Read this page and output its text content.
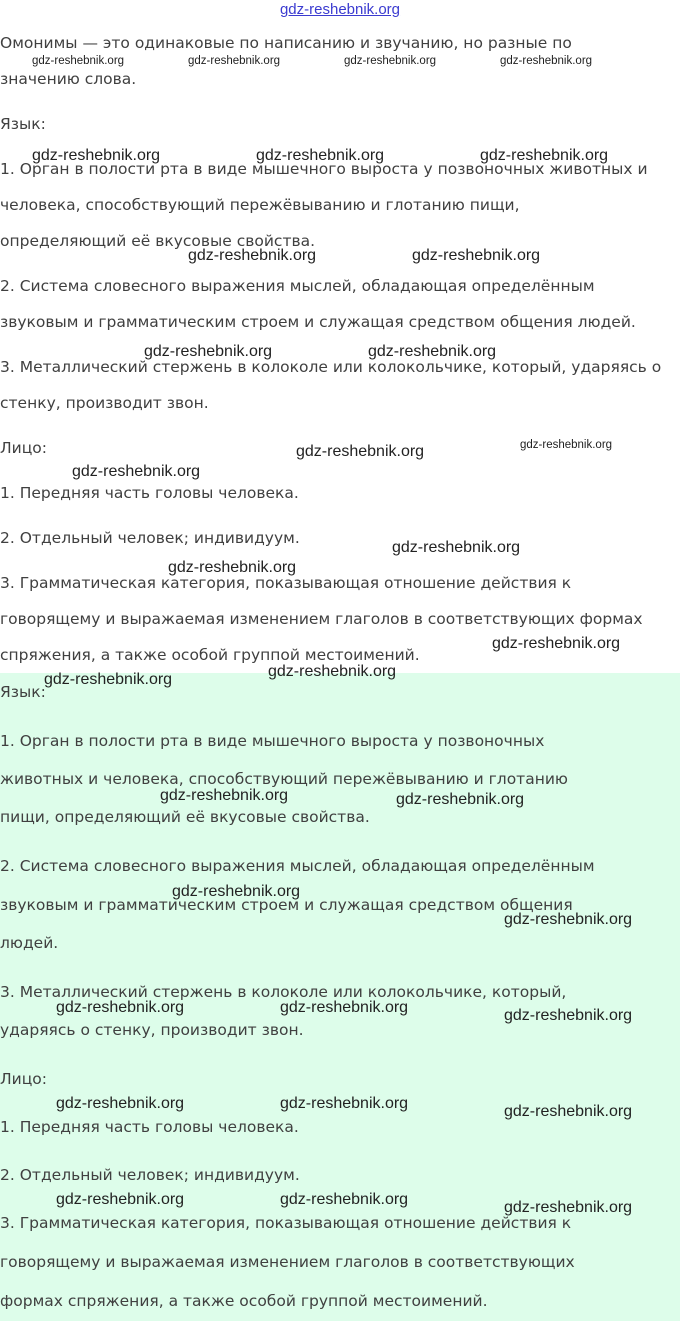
gdz-reshebnik.org

Омонимы — это одинаковые по написанию и звучанию, но разные по

значению слова.

Язык:

1. Орган в полости рта в виде мышечного выроста у позвоночных животных и

человека, способствующий пережёвыванию и глотанию пищи,

определяющий её вкусовые свойства.

2. Система словесного выражения мыслей, обладающая определённым

звуковым и грамматическим строем и служащая средством общения людей.

3. Металлический стержень в колоколе или колокольчике, который, ударяясь о

стенку, производит звон.

Лицо:

1. Передняя часть головы человека.

2. Отдельный человек; индивидуум.

3. Грамматическая категория, показывающая отношение действия к

говорящему и выражаемая изменением глаголов в соответствующих формах

спряжения, а также особой группой местоимений.

Язык:

1. Орган в полости рта в виде мышечного выроста у позвоночных

животных и человека, способствующий пережёвыванию и глотанию

пищи, определяющий её вкусовые свойства.

2. Система словесного выражения мыслей, обладающая определённым

звуковым и грамматическим строем и служащая средством общения

людей.

3. Металлический стержень в колоколе или колокольчике, который,

ударяясь о стенку, производит звон.

Лицо:

1. Передняя часть головы человека.

2. Отдельный человек; индивидуум.

3. Грамматическая категория, показывающая отношение действия к

говорящему и выражаемая изменением глаголов в соответствующих

формах спряжения, а также особой группой местоимений.

gdz-reshebnik.org	gdz-reshebnik.org	gdz-reshebnik.org	gdz-reshebnik.org
gdz-reshebnik.org	gdz-reshebnik.org	gdz-reshebnik.org
gdz-reshebnik.org	gdz-reshebnik.org
gdz-reshebnik.org	gdz-reshebnik.org
gdz-reshebnik.org
gdz-reshebnik.org
gdz-reshebnik.org
gdz-reshebnik.org
gdz-reshebnik.org
gdz-reshebnik.org
gdz-reshebnik.org
gdz-reshebnik.org
gdz-reshebnik.org	gdz-reshebnik.org
gdz-reshebnik.org
gdz-reshebnik.org
gdz-reshebnik.org	gdz-reshebnik.org	gdz-reshebnik.org
gdz-reshebnik.org	gdz-reshebnik.org	gdz-reshebnik.org
gdz-reshebnik.org	gdz-reshebnik.org	gdz-reshebnik.org
